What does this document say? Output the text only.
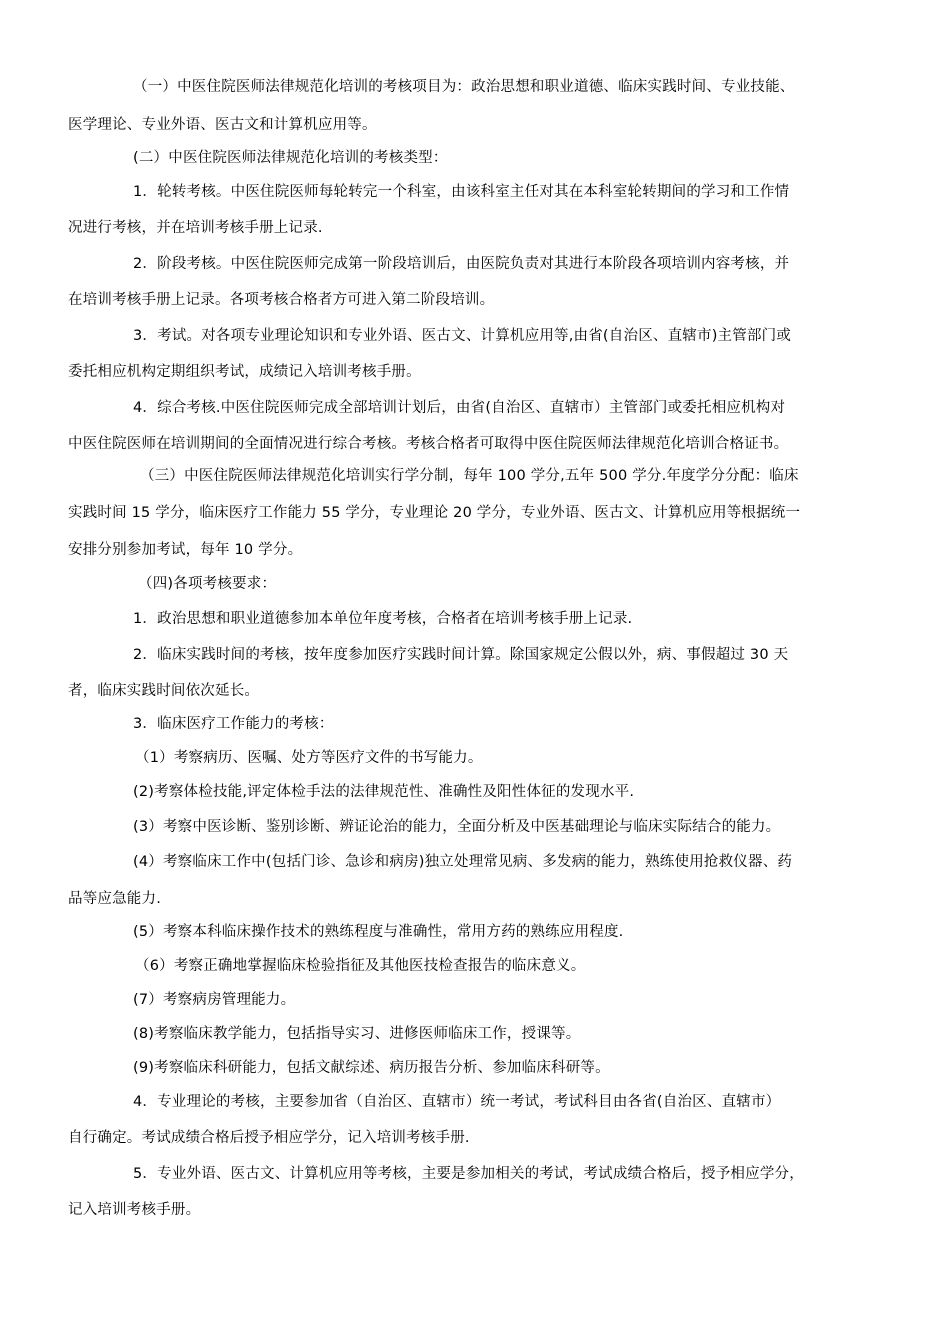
（一）中医住院医师法律规范化培训的考核项目为：政治思想和职业道德、临床实践时间、专业技能、
医学理论、专业外语、医古文和计算机应用等。
(二）中医住院医师法律规范化培训的考核类型：
1．轮转考核。中医住院医师每轮转完一个科室，由该科室主任对其在本科室轮转期间的学习和工作情
况进行考核，并在培训考核手册上记录.
2．阶段考核。中医住院医师完成第一阶段培训后，由医院负责对其进行本阶段各项培训内容考核，并
在培训考核手册上记录。各项考核合格者方可进入第二阶段培训。
3．考试。对各项专业理论知识和专业外语、医古文、计算机应用等,由省(自治区、直辖市)主管部门或
委托相应机构定期组织考试，成绩记入培训考核手册。
4．综合考核.中医住院医师完成全部培训计划后，由省(自治区、直辖市）主管部门或委托相应机构对
中医住院医师在培训期间的全面情况进行综合考核。考核合格者可取得中医住院医师法律规范化培训合格证书。
（三）中医住院医师法律规范化培训实行学分制，每年 100 学分,五年 500 学分.年度学分分配：临床
实践时间 15 学分，临床医疗工作能力 55 学分，专业理论 20 学分，专业外语、医古文、计算机应用等根据统一
安排分别参加考试，每年 10 学分。
（四)各项考核要求：
1．政治思想和职业道德参加本单位年度考核，合格者在培训考核手册上记录.
2．临床实践时间的考核，按年度参加医疗实践时间计算。除国家规定公假以外，病、事假超过 30 天
者，临床实践时间依次延长。
3．临床医疗工作能力的考核：
（1）考察病历、医嘱、处方等医疗文件的书写能力。
(2)考察体检技能,评定体检手法的法律规范性、准确性及阳性体征的发现水平.
(3）考察中医诊断、鉴别诊断、辨证论治的能力，全面分析及中医基础理论与临床实际结合的能力。
(4）考察临床工作中(包括门诊、急诊和病房)独立处理常见病、多发病的能力，熟练使用抢救仪器、药
品等应急能力.
(5）考察本科临床操作技术的熟练程度与准确性，常用方药的熟练应用程度.
（6）考察正确地掌握临床检验指征及其他医技检查报告的临床意义。
(7）考察病房管理能力。
(8)考察临床教学能力，包括指导实习、进修医师临床工作，授课等。
(9)考察临床科研能力，包括文献综述、病历报告分析、参加临床科研等。
4．专业理论的考核，主要参加省（自治区、直辖市）统一考试，考试科目由各省(自治区、直辖市）
自行确定。考试成绩合格后授予相应学分，记入培训考核手册.
5．专业外语、医古文、计算机应用等考核，主要是参加相关的考试，考试成绩合格后，授予相应学分，
记入培训考核手册。
